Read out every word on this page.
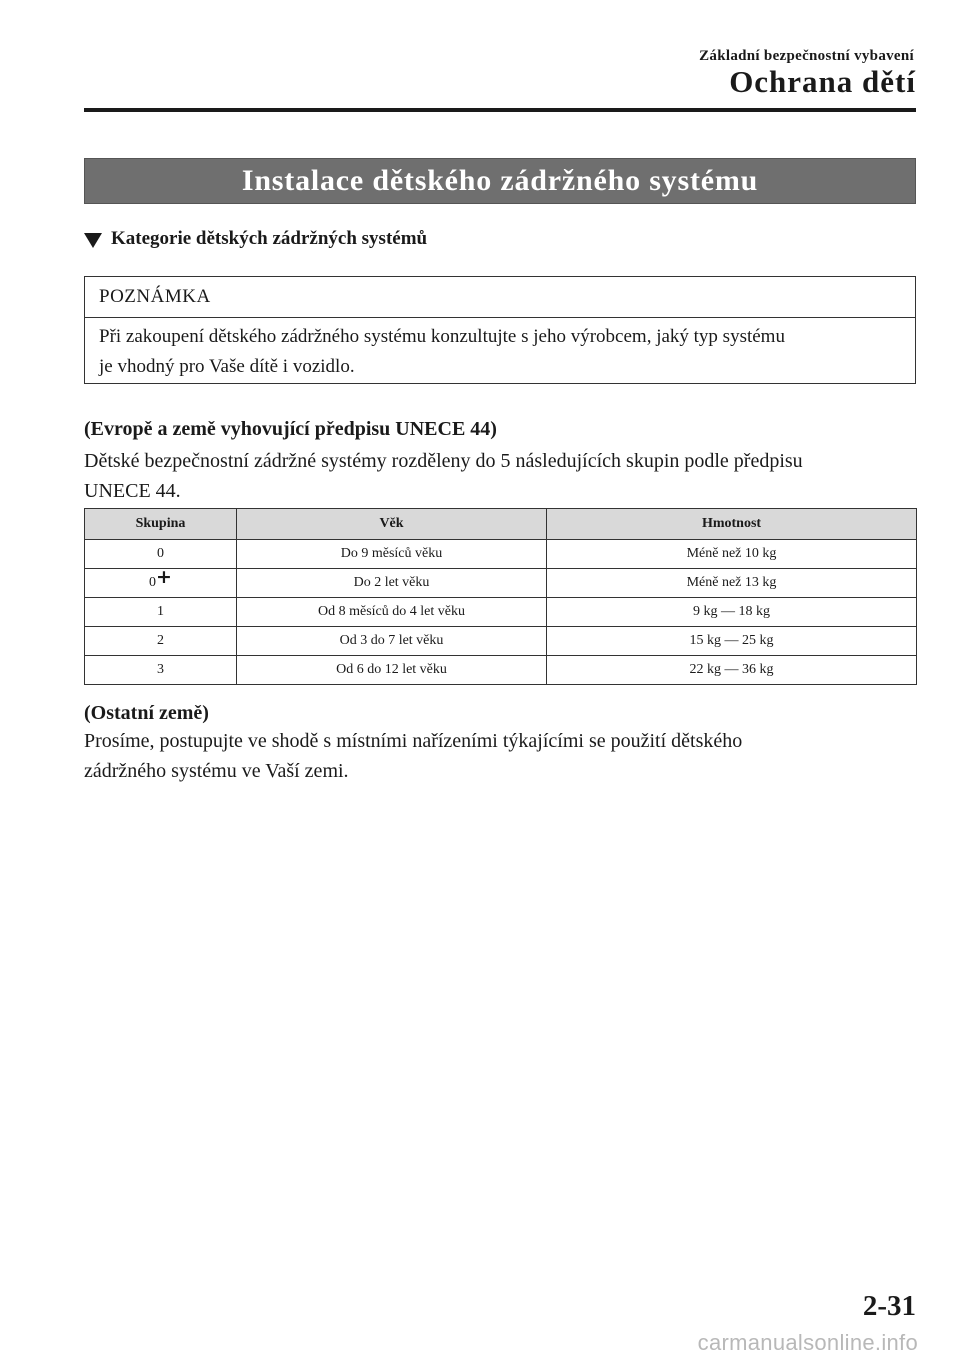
Základní bezpečnostní vybavení
Ochrana dětí
Instalace dětského zádržného systému
Kategorie dětských zádržných systémů
POZNÁMKA

Při zakoupení dětského zádržného systému konzultujte s jeho výrobcem, jaký typ systému

je vhodný pro Vaše dítě i vozidlo.

(Evropě a země vyhovující předpisu UNECE 44)

Dětské bezpečnostní zádržné systémy rozděleny do 5 následujících skupin podle předpisu

UNECE 44.

Skupina	Věk	Hmotnost
0	Do 9 měsíců věku	Méně než 10 kg
0+	Do 2 let věku	Méně než 13 kg
1	Od 8 měsíců do 4 let věku	9 kg — 18 kg
2	Od 3 do 7 let věku	15 kg — 25 kg
3	Od 6 do 12 let věku	22 kg — 36 kg
(Ostatní země)

Prosíme, postupujte ve shodě s místními nařízeními týkajícími se použití dětského

zádržného systému ve Vaší zemi.

2-31
carmanualsonline.info
